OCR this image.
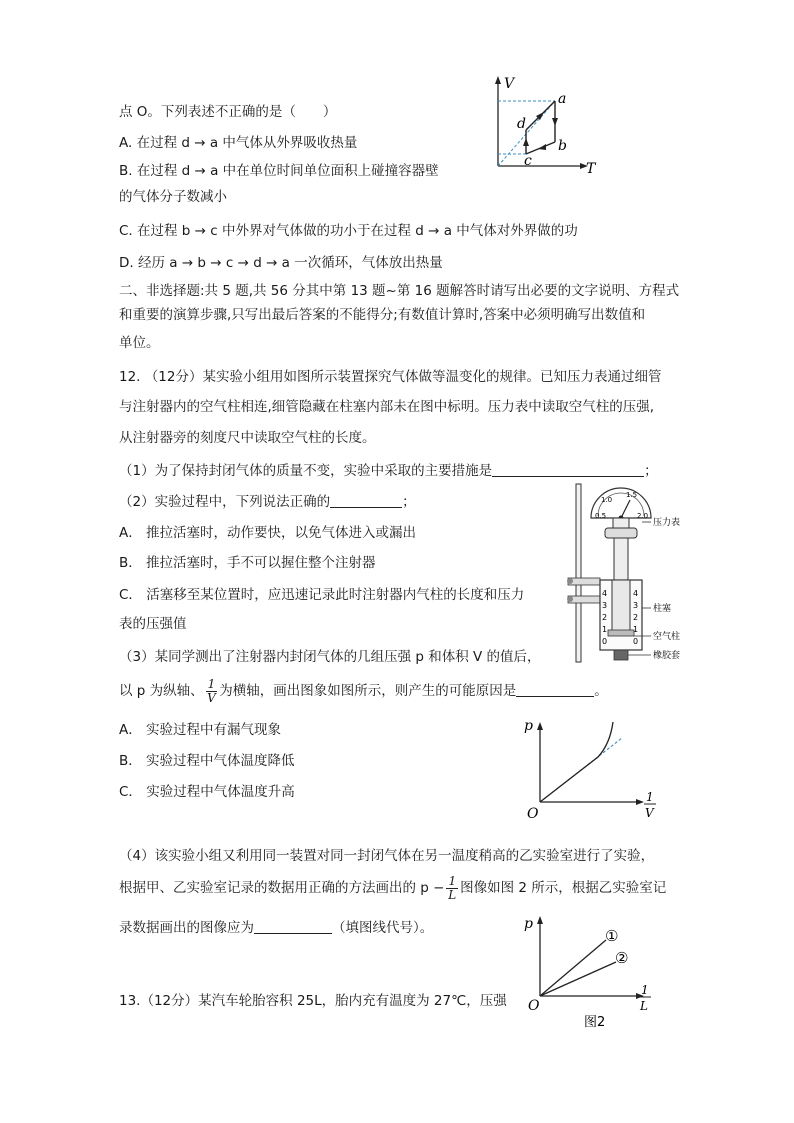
点 O。下列表述不正确的是（　　）
A. 在过程 d → a 中气体从外界吸收热量
B. 在过程 d → a 中在单位时间单位面积上碰撞容器壁
的气体分子数减小
C. 在过程 b → c 中外界对气体做的功小于在过程 d → a 中气体对外界做的功
D. 经历 a → b → c → d → a 一次循环，气体放出热量
V
T
a
b
c
d
二、非选择题:共 5 题,共 56 分其中第 13 题~第 16 题解答时请写出必要的文字说明、方程式
和重要的演算步骤,只写出最后答案的不能得分;有数值计算时,答案中必须明确写出数值和
单位。
12. （12分）某实验小组用如图所示装置探究气体做等温变化的规律。已知压力表通过细管
与注射器内的空气柱相连,细管隐藏在柱塞内部未在图中标明。压力表中读取空气柱的压强,
从注射器旁的刻度尺中读取空气柱的长度。
（1）为了保持封闭气体的质量不变，实验中采取的主要措施是	；
（2）实验过程中，下列说法正确的	；
A． 推拉活塞时，动作要快，以免气体进入或漏出
B． 推拉活塞时，手不可以握住整个注射器
C． 活塞移至某位置时，应迅速记录此时注射器内气柱的长度和压力
表的压强值
（3）某同学测出了注射器内封闭气体的几组压强 p 和体积 V 的值后，
以 p 为纵轴、 $\frac{1}{V}$ 为横轴，画出图象如图所示，则产生的可能原因是	。
A． 实验过程中有漏气现象
B． 实验过程中气体温度降低
C． 实验过程中气体温度升高
（4）该实验小组又利用同一装置对同一封闭气体在另一温度稍高的乙实验室进行了实验，
根据甲、乙实验室记录的数据用正确的方法画出的 $p - \frac{1}{L}$ 图像如图 2 所示，根据乙实验室记
录数据画出的图像应为	（填图线代号）。
0.5
1.0
1.5
2.0
4
3
2
1
0
4
3
2
1
0
压力表
柱塞
空气柱
橡胶套
p
O
1
V
①
②
p
O
1
L
图2
13.（12分）某汽车轮胎容积 25L，胎内充有温度为 27℃，压强
